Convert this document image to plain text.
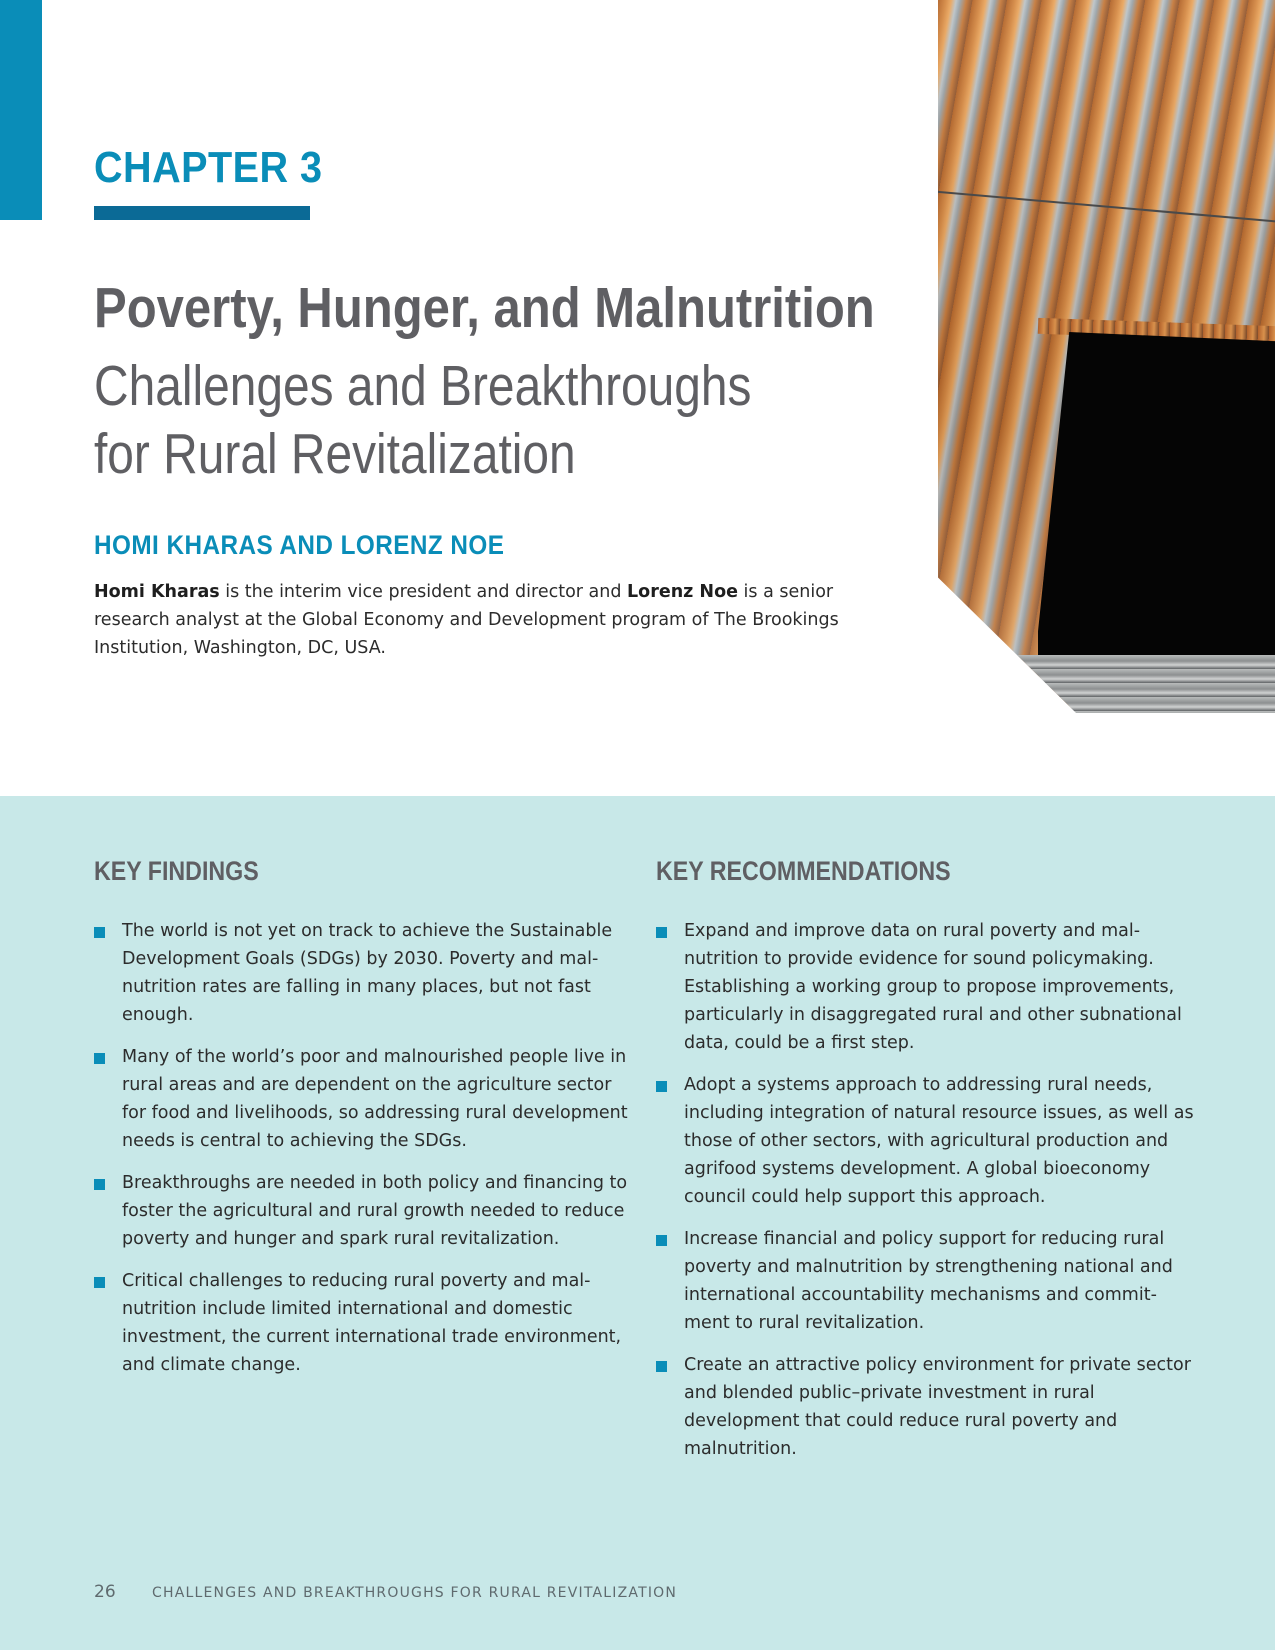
CHAPTER 3
Poverty, Hunger, and Malnutrition
Challenges and Breakthroughs
for Rural Revitalization
HOMI KHARAS AND LORENZ NOE
Homi Kharas is the interim vice president and director and Lorenz Noe is a senior research analyst at the Global Economy and Development program of The Brookings Institution, Washington, DC, USA.
KEY FINDINGS
The world is not yet on track to achieve the Sustainable Development Goals (SDGs) by 2030. Poverty and malnutrition rates are falling in many places, but not fast enough.
Many of the world’s poor and malnourished people live in rural areas and are dependent on the agriculture sector for food and livelihoods, so addressing rural development needs is central to achieving the SDGs.
Breakthroughs are needed in both policy and financing to foster the agricultural and rural growth needed to reduce poverty and hunger and spark rural revitalization.
Critical challenges to reducing rural poverty and malnutrition include limited international and domestic investment, the current international trade environment, and climate change.
KEY RECOMMENDATIONS
Expand and improve data on rural poverty and malnutrition to provide evidence for sound policymaking. Establishing a working group to propose improvements, particularly in disaggregated rural and other subnational data, could be a first step.
Adopt a systems approach to addressing rural needs, including integration of natural resource issues, as well as those of other sectors, with agricultural production and agrifood systems development. A global bioeconomy council could help support this approach.
Increase financial and policy support for reducing rural poverty and malnutrition by strengthening national and international accountability mechanisms and commitment to rural revitalization.
Create an attractive policy environment for private sector and blended public–private investment in rural development that could reduce rural poverty and malnutrition.
26	CHALLENGES AND BREAKTHROUGHS FOR RURAL REVITALIZATION
